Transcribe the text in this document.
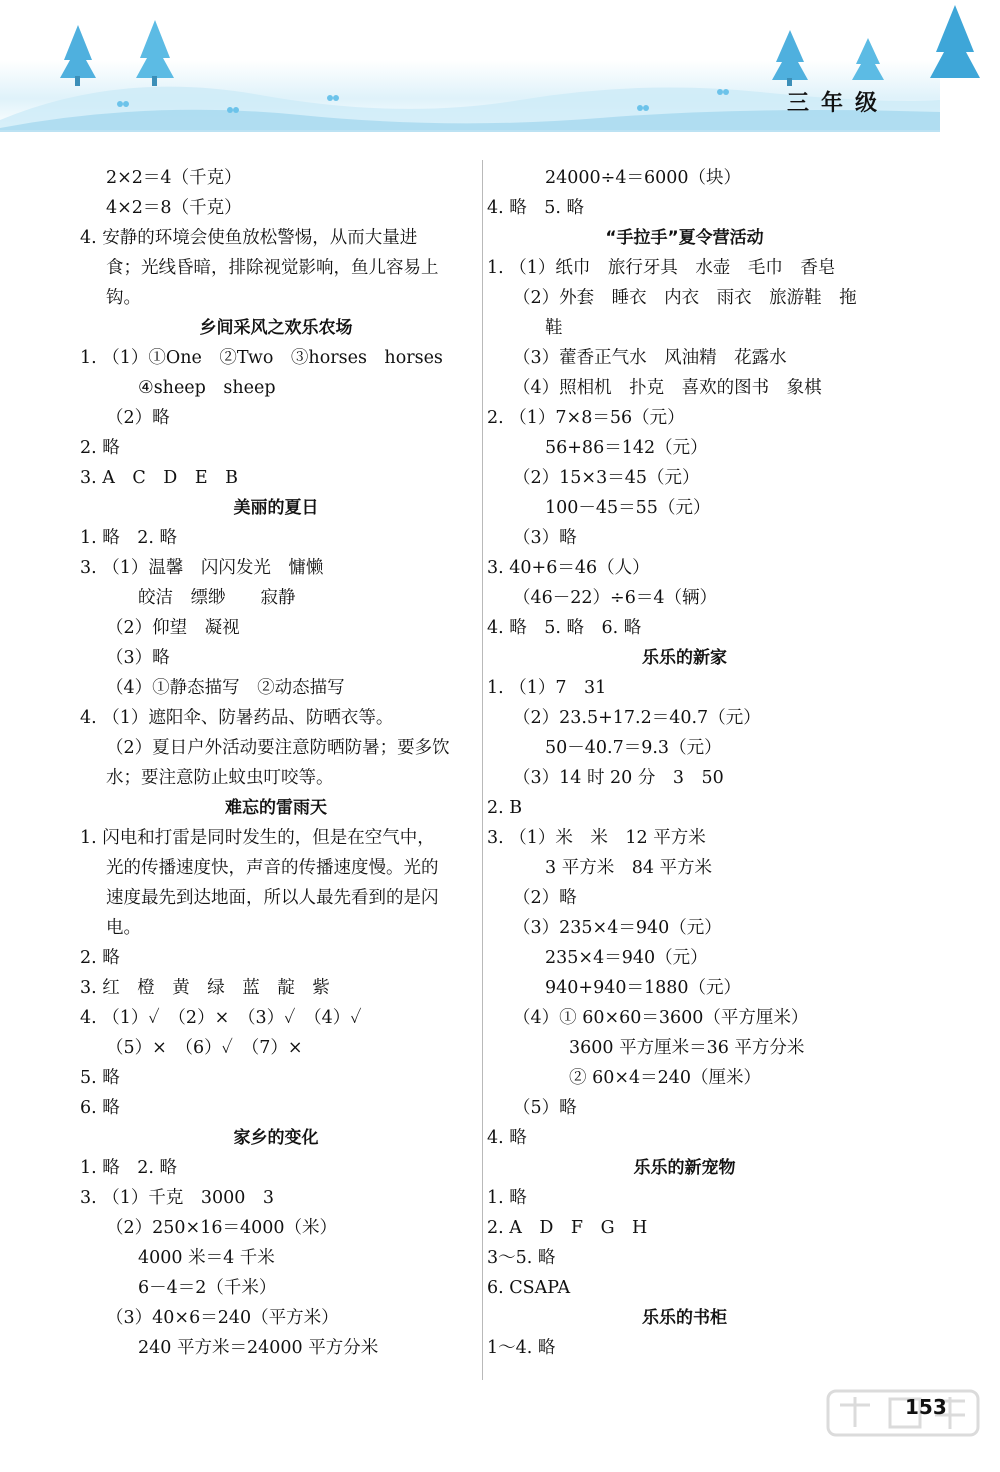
三年级
2×2＝4（千克）
4×2＝8（千克）
4. 安静的环境会使鱼放松警惕，从而大量进
食；光线昏暗，排除视觉影响，鱼儿容易上
钩。
乡间采风之欢乐农场
1. （1）①One　②Two　③horses　horses
④sheep　sheep
（2）略
2. 略
3. A　C　D　E　B
美丽的夏日
1. 略　2. 略
3. （1）温馨　闪闪发光　慵懒
皎洁　缥缈　　寂静
（2）仰望　凝视
（3）略
（4）①静态描写　②动态描写
4. （1）遮阳伞、防暑药品、防晒衣等。
（2）夏日户外活动要注意防晒防暑；要多饮
水；要注意防止蚊虫叮咬等。
难忘的雷雨天
1. 闪电和打雷是同时发生的，但是在空气中，
光的传播速度快，声音的传播速度慢。光的
速度最先到达地面，所以人最先看到的是闪
电。
2. 略
3. 红　橙　黄　绿　蓝　靛　紫
4. （1）✓　（2）×　（3）✓　（4）✓
（5）×　（6）✓　（7）×
5. 略
6. 略
家乡的变化
1. 略　2. 略
3. （1）千克　3000　3
（2）250×16＝4000（米）
4000 米＝4 千米
6－4＝2（千米）
（3）40×6＝240（平方米）
240 平方米＝24000 平方分米
24000÷4＝6000（块）
4. 略　5. 略
“手拉手”夏令营活动
1. （1）纸巾　旅行牙具　水壶　毛巾　香皂
（2）外套　睡衣　内衣　雨衣　旅游鞋　拖
鞋
（3）藿香正气水　风油精　花露水
（4）照相机　扑克　喜欢的图书　象棋
2. （1）7×8＝56（元）
56+86＝142（元）
（2）15×3＝45（元）
100－45＝55（元）
（3）略
3. 40+6＝46（人）
（46－22）÷6＝4（辆）
4. 略　5. 略　6. 略
乐乐的新家
1. （1）7　31
（2）23.5+17.2＝40.7（元）
50－40.7＝9.3（元）
（3）14 时 20 分　3　50
2. B
3. （1）米　米　12 平方米
3 平方米　84 平方米
（2）略
（3）235×4＝940（元）
235×4＝940（元）
940+940＝1880（元）
（4）① 60×60＝3600（平方厘米）
3600 平方厘米＝36 平方分米
② 60×4＝240（厘米）
（5）略
4. 略
乐乐的新宠物
1. 略
2. A　D　F　G　H
3～5. 略
6. CSAPA
乐乐的书柜
1～4. 略
153
